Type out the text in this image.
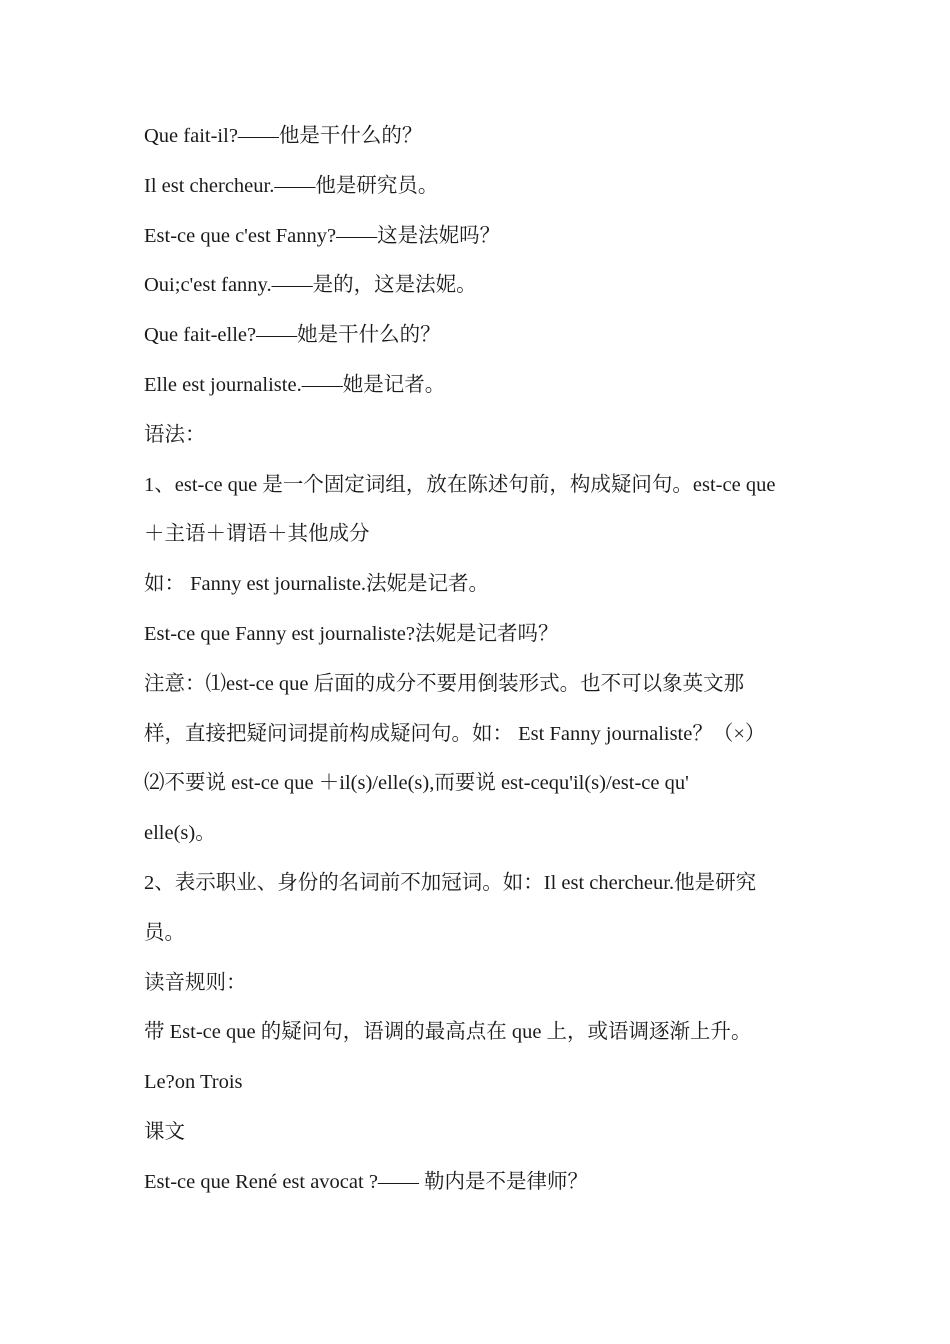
Que fait-il?——他是干什么的？
Il est chercheur.——他是研究员。
Est-ce que c'est Fanny?——这是法妮吗？
Oui;c'est fanny.——是的，这是法妮。
Que fait-elle?——她是干什么的？
Elle est journaliste.——她是记者。
语法：
1、est-ce que 是一个固定词组，放在陈述句前，构成疑问句。est-ce que
＋主语＋谓语＋其他成分
如： Fanny est journaliste.法妮是记者。
Est-ce que Fanny est journaliste?法妮是记者吗？
注意：⑴est-ce que 后面的成分不要用倒装形式。也不可以象英文那
样，直接把疑问词提前构成疑问句。如： Est Fanny journaliste？（×）
⑵不要说 est-ce que ＋il(s)/elle(s),而要说 est-cequ'il(s)/est-ce qu'
elle(s)。
2、表示职业、身份的名词前不加冠词。如：Il est chercheur.他是研究
员。
读音规则：
带 Est-ce que 的疑问句，语调的最高点在 que 上，或语调逐渐上升。
Le?on Trois
课文
Est-ce que René est avocat ?—— 勒内是不是律师？
